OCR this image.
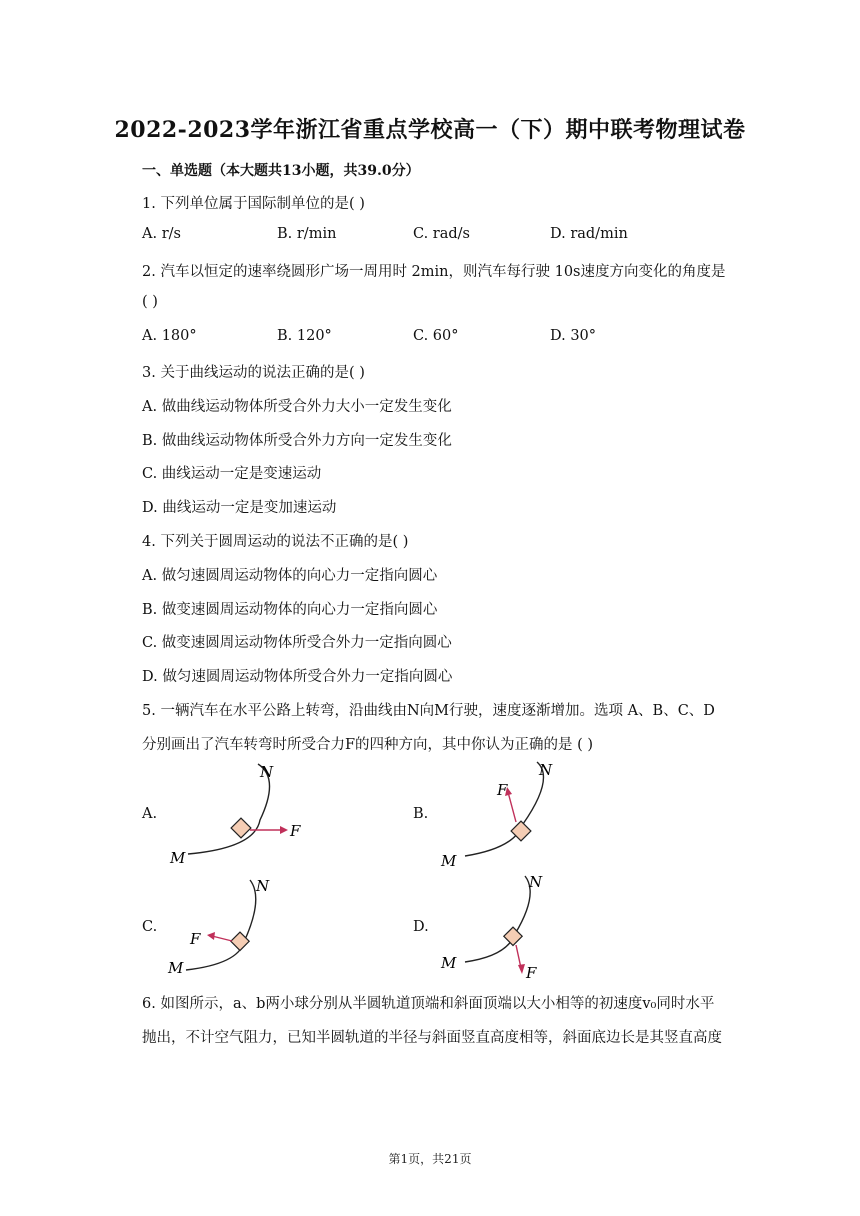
2022-2023学年浙江省重点学校高一（下）期中联考物理试卷
一、单选题（本大题共13小题，共39.0分）
1. 下列单位属于国际制单位的是( )
A. r/s	B. r/min	C. rad/s	D. rad/min
2. 汽车以恒定的速率绕圆形广场一周用时 2min，则汽车每行驶 10s速度方向变化的角度是
( )
A. 180°	B. 120°	C. 60°	D. 30°
3. 关于曲线运动的说法正确的是( )
A. 做曲线运动物体所受合外力大小一定发生变化
B. 做曲线运动物体所受合外力方向一定发生变化
C. 曲线运动一定是变速运动
D. 曲线运动一定是变加速运动
4. 下列关于圆周运动的说法不正确的是( )
A. 做匀速圆周运动物体的向心力一定指向圆心
B. 做变速圆周运动物体的向心力一定指向圆心
C. 做变速圆周运动物体所受合外力一定指向圆心
D. 做匀速圆周运动物体所受合外力一定指向圆心
5. 一辆汽车在水平公路上转弯，沿曲线由N向M行驶，速度逐渐增加。选项 A、B、C、D
分别画出了汽车转弯时所受合力F的四种方向，其中你认为正确的是 ( )
A.
N
M
F
B.
N
M
F
C.
N
M
F
D.
N
M
F
6. 如图所示，a、b两小球分别从半圆轨道顶端和斜面顶端以大小相等的初速度v₀同时水平
抛出，不计空气阻力，已知半圆轨道的半径与斜面竖直高度相等，斜面底边长是其竖直高度
第1页，共21页
